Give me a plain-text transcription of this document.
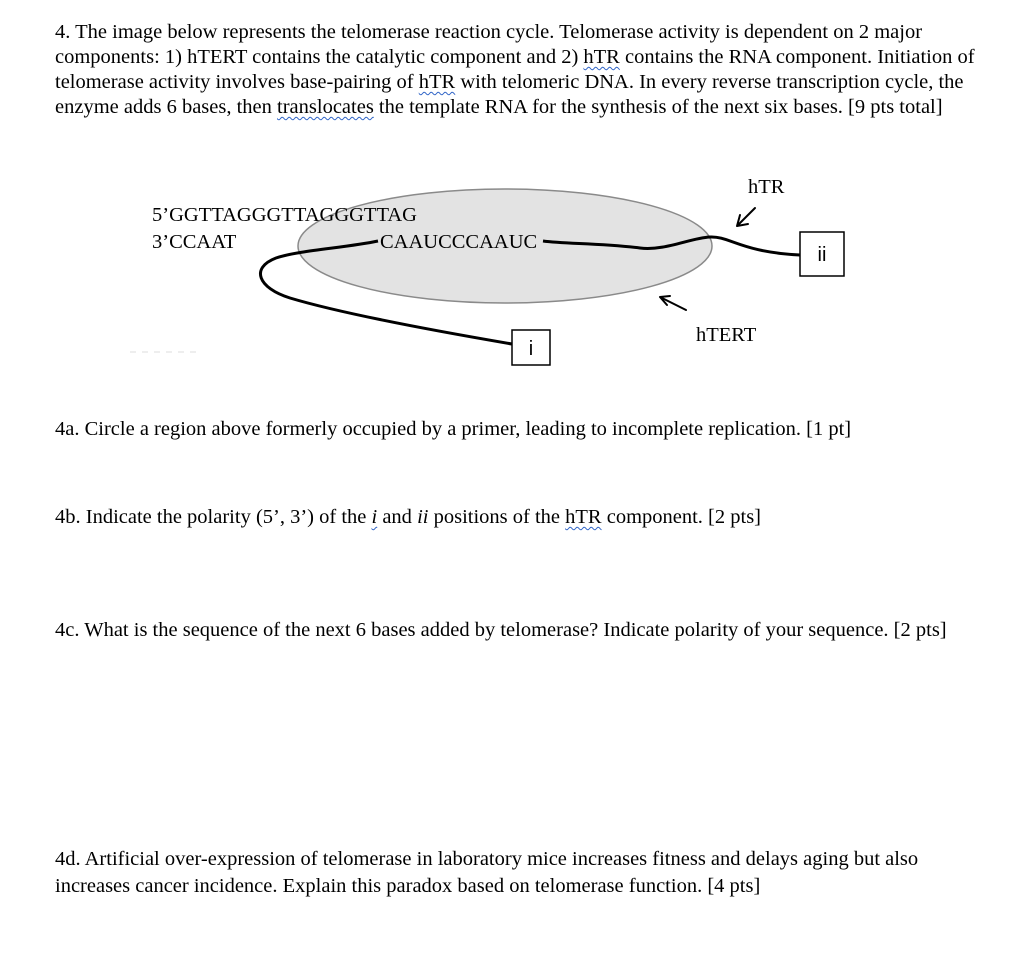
4. The image below represents the telomerase reaction cycle. Telomerase activity is dependent on 2 major components: 1) hTERT contains the catalytic component and 2) hTR contains the RNA component. Initiation of telomerase activity involves base-pairing of hTR with telomeric DNA. In every reverse transcription cycle, the enzyme adds 6 bases, then translocates the template RNA for the synthesis of the next six bases. [9 pts total]
5’GGTTAGGGTTAGGGTTAG
3’CCAAT	CAAUCCCAAUC
i
ii
hTR
hTERT
4a. Circle a region above formerly occupied by a primer, leading to incomplete replication. [1 pt]
4b. Indicate the polarity (5’, 3’) of the i and ii positions of the hTR component. [2 pts]
4c. What is the sequence of the next 6 bases added by telomerase? Indicate polarity of your sequence. [2 pts]
4d. Artificial over-expression of telomerase in laboratory mice increases fitness and delays aging but also increases cancer incidence. Explain this paradox based on telomerase function. [4 pts]
